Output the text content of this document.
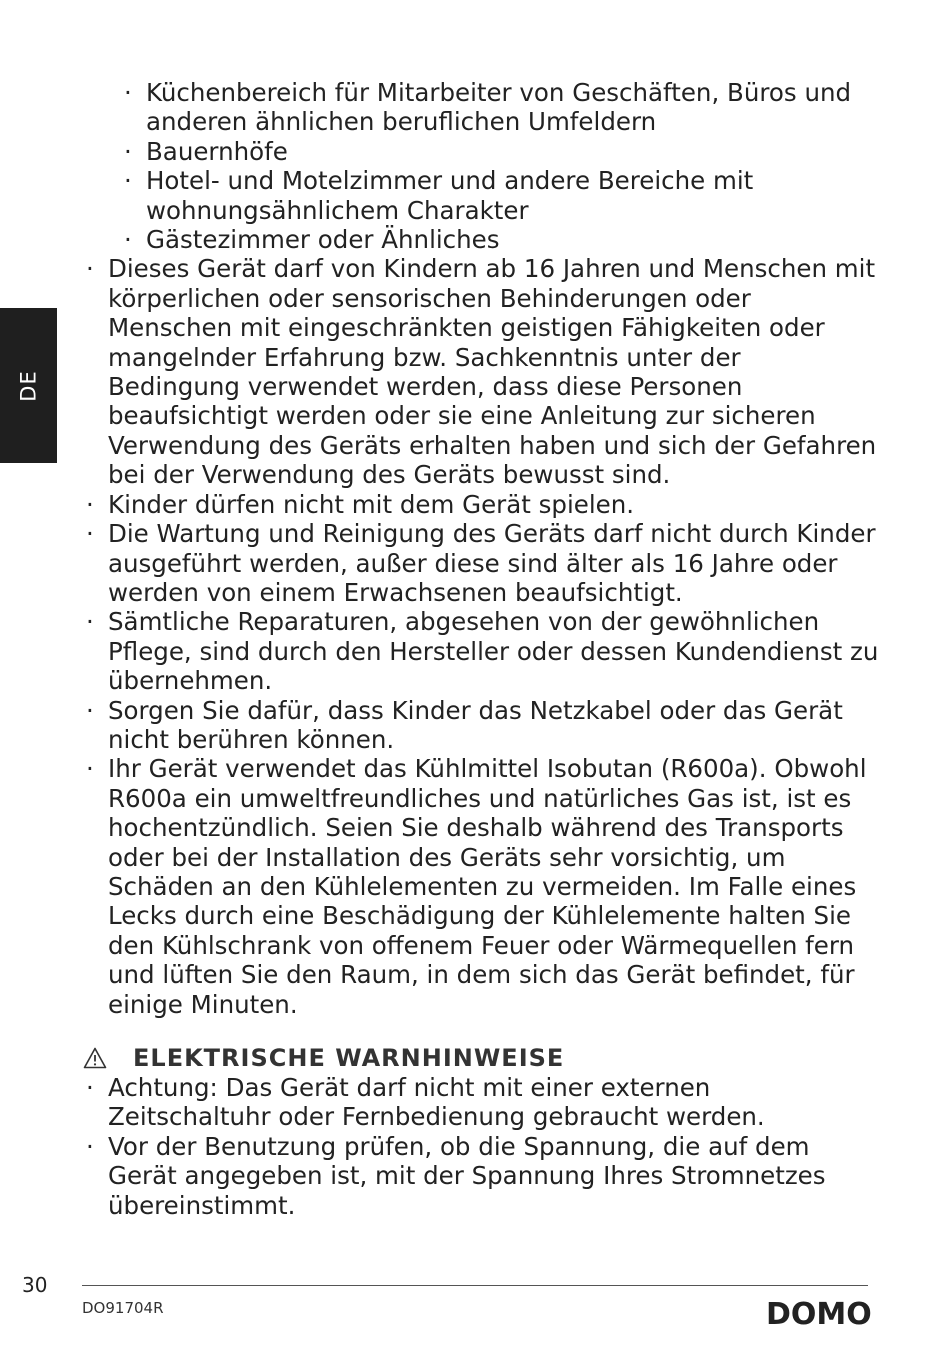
DE
· Küchenbereich für Mitarbeiter von Geschäften, Büros und anderen ähnlichen beruflichen Umfeldern
· Bauernhöfe
· Hotel- und Motelzimmer und andere Bereiche mit wohnungsähnlichem Charakter
· Gästezimmer oder Ähnliches
· Dieses Gerät darf von Kindern ab 16 Jahren und Menschen mit körperlichen oder sensorischen Behinderungen oder Menschen mit eingeschränkten geistigen Fähigkeiten oder mangelnder Erfahrung bzw. Sachkenntnis unter der Bedingung verwendet werden, dass diese Personen beaufsichtigt werden oder sie eine Anleitung zur sicheren Verwendung des Geräts erhalten haben und sich der Gefahren bei der Verwendung des Geräts bewusst sind.
· Kinder dürfen nicht mit dem Gerät spielen.
· Die Wartung und Reinigung des Geräts darf nicht durch Kinder ausgeführt werden, außer diese sind älter als 16 Jahre oder werden von einem Erwachsenen beaufsichtigt.
· Sämtliche Reparaturen, abgesehen von der gewöhnlichen Pflege, sind durch den Hersteller oder dessen Kundendienst zu übernehmen.
· Sorgen Sie dafür, dass Kinder das Netzkabel oder das Gerät nicht berühren können.
· Ihr Gerät verwendet das Kühlmittel Isobutan (R600a). Obwohl R600a ein umweltfreundliches und natürliches Gas ist, ist es hochentzündlich. Seien Sie deshalb während des Transports oder bei der Installation des Geräts sehr vorsichtig, um Schäden an den Kühlelementen zu vermeiden. Im Falle eines Lecks durch eine Beschädigung der Kühlelemente halten Sie den Kühlschrank von offenem Feuer oder Wärmequellen fern und lüften Sie den Raum, in dem sich das Gerät befindet, für einige Minuten.
ELEKTRISCHE WARNHINWEISE
· Achtung: Das Gerät darf nicht mit einer externen Zeitschaltuhr oder Fernbedienung gebraucht werden.
· Vor der Benutzung prüfen, ob die Spannung, die auf dem Gerät angegeben ist, mit der Spannung Ihres Stromnetzes übereinstimmt.
30
DO91704R	DOMO
